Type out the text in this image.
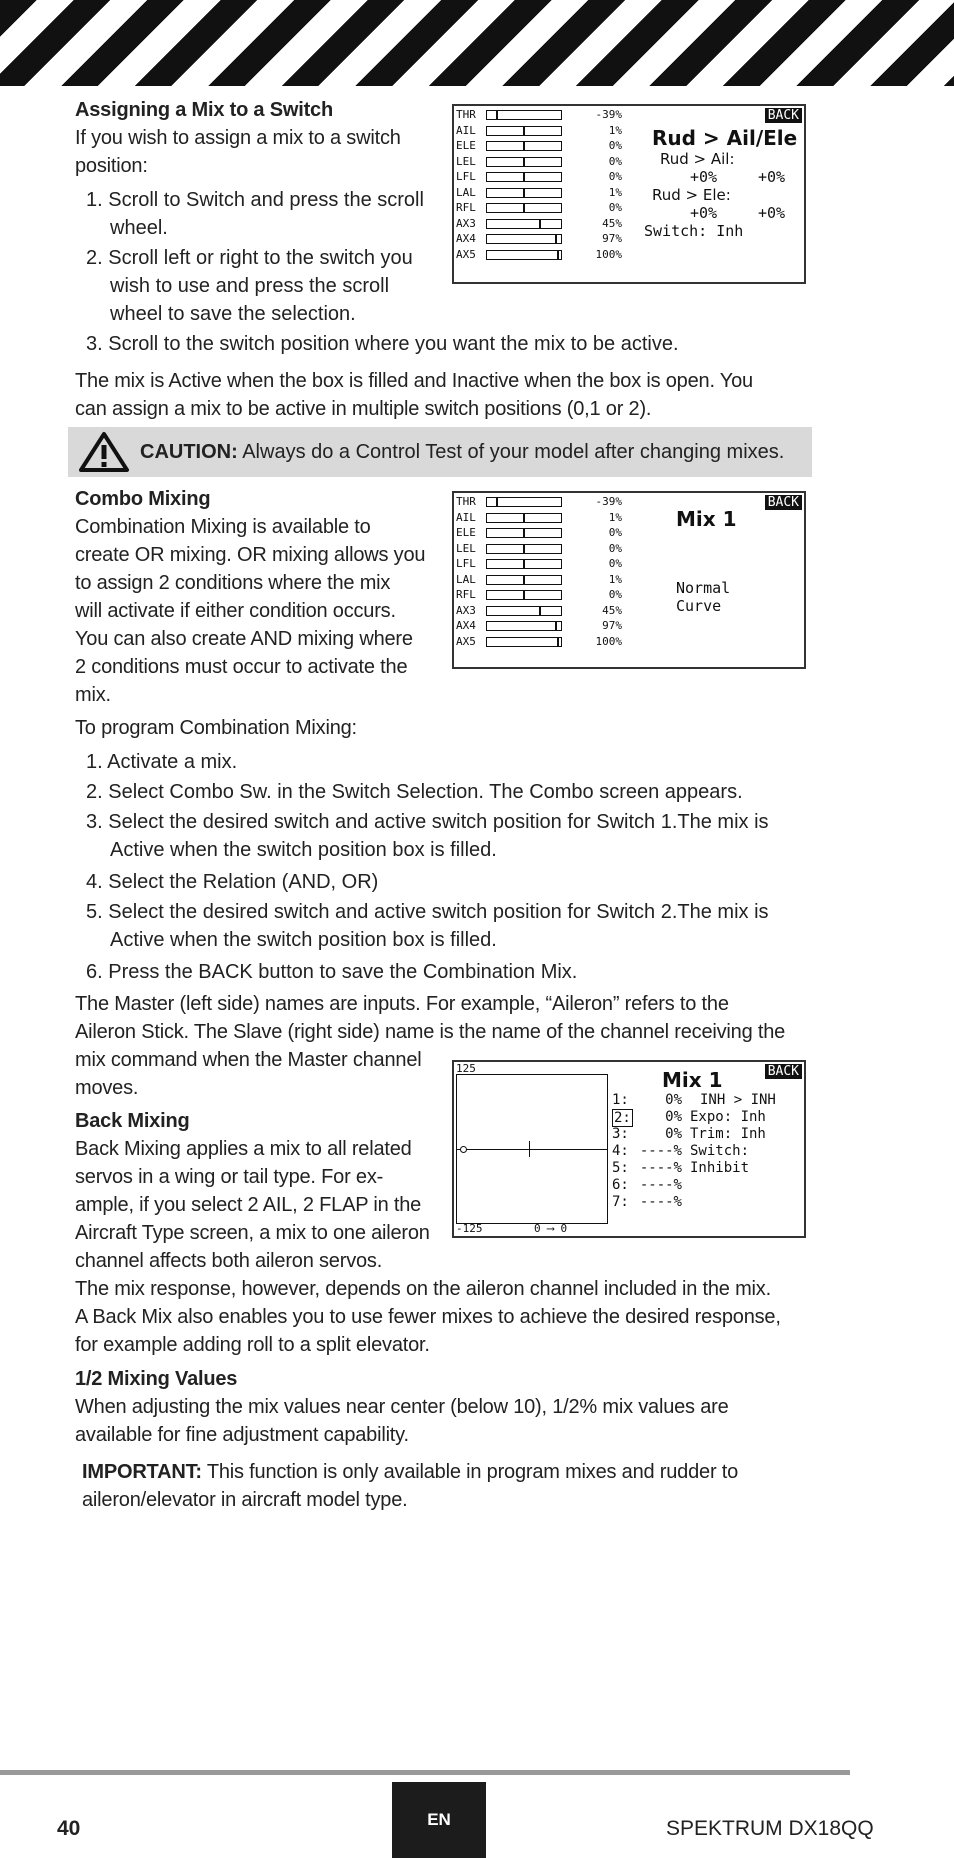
Assigning a Mix to a Switch
If you wish to assign a mix to a switch
position:
1. Scroll to Switch and press the scroll
wheel.
2. Scroll left or right to the switch you
wish to use and press the scroll
wheel to save the selection.
3. Scroll to the switch position where you want the mix to be active.
The mix is Active when the box is filled and Inactive when the box is open. You
can assign a mix to be active in multiple switch positions (0,1 or 2).
BACK
THR	-39%
AIL	1%
ELE	0%
LEL	0%
LFL	0%
LAL	1%
RFL	0%
AX3	45%
AX4	97%
AX5	100%
Rud > Ail/Ele
Rud > Ail:
+0%	+0%
Rud > Ele:
+0%	+0%
Switch: Inh
CAUTION: Always do a Control Test of your model after changing mixes.
Combo Mixing
Combination Mixing is available to
create OR mixing. OR mixing allows you
to assign 2 conditions where the mix
will activate if either condition occurs.
You can also create AND mixing where
2 conditions must occur to activate the
mix.
To program Combination Mixing:
1. Activate a mix.
2. Select Combo Sw. in the Switch Selection. The Combo screen appears.
3. Select the desired switch and active switch position for Switch 1.The mix is
Active when the switch position box is filled.
4. Select the Relation (AND, OR)
5. Select the desired switch and active switch position for Switch 2.The mix is
Active when the switch position box is filled.
6. Press the BACK button to save the Combination Mix.
The Master (left side) names are inputs. For example, “Aileron” refers to the
Aileron Stick. The Slave (right side) name is the name of the channel receiving the
mix command when the Master channel
moves.
BACK
THR	-39%
AIL	1%
ELE	0%
LEL	0%
LFL	0%
LAL	1%
RFL	0%
AX3	45%
AX4	97%
AX5	100%
Mix 1
Normal
Curve
Back Mixing
Back Mixing applies a mix to all related
servos in a wing or tail type. For ex-
ample, if you select 2 AIL, 2 FLAP in the
Aircraft Type screen, a mix to one aileron
channel affects both aileron servos.
The mix response, however, depends on the aileron channel included in the mix.
A Back Mix also enables you to use fewer mixes to achieve the desired response,
for example adding roll to a split elevator.
BACK
125
-125	0 ⟶ 0
Mix 1
1:	0% INH > INH
2:	0% Expo: Inh
3:	0% Trim: Inh
4: ----% Switch:
5: ----% Inhibit
6: ----%
7: ----%
1/2 Mixing Values
When adjusting the mix values near center (below 10), 1/2% mix values are
available for fine adjustment capability.
IMPORTANT: This function is only available in program mixes and rudder to
aileron/elevator in aircraft model type.
40	EN	SPEKTRUM DX18QQ
